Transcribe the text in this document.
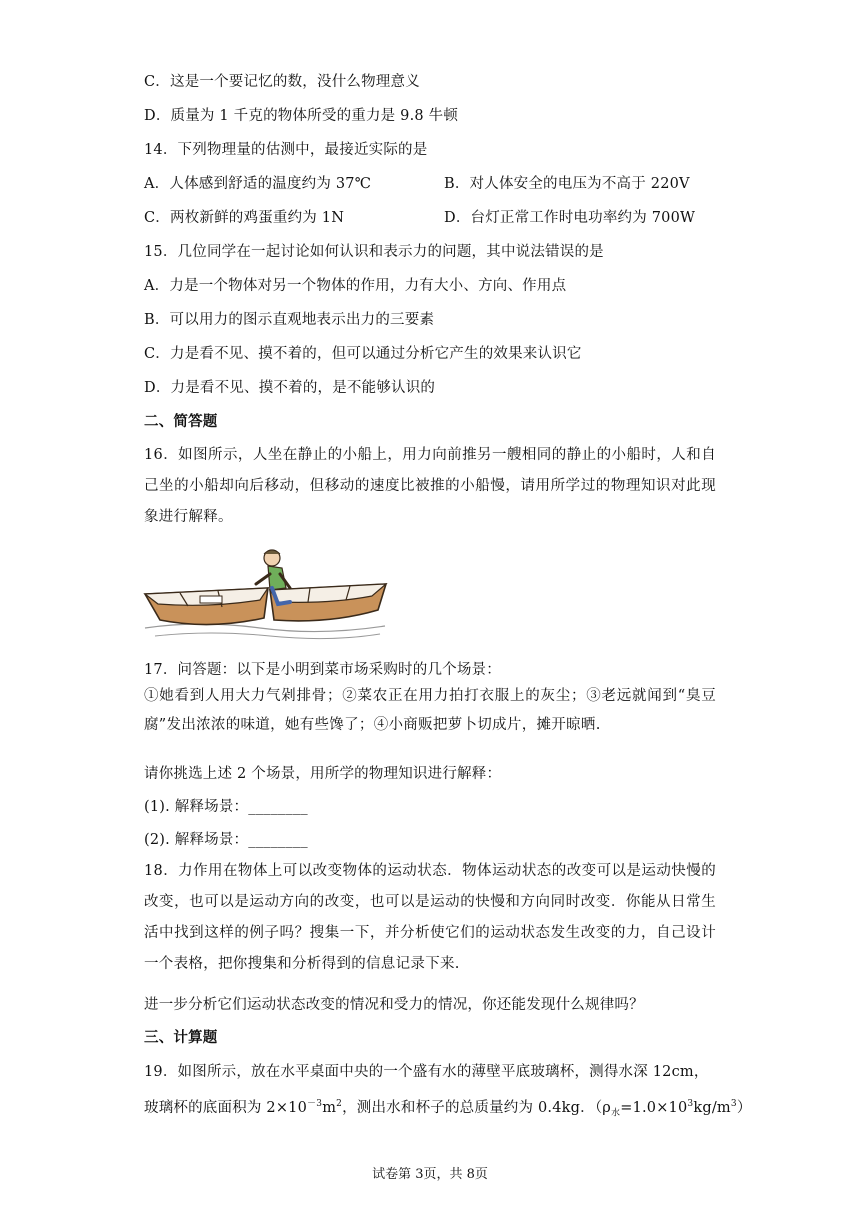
C．这是一个要记忆的数，没什么物理意义
D．质量为 1 千克的物体所受的重力是 9.8 牛顿
14．下列物理量的估测中，最接近实际的是
A．人体感到舒适的温度约为 37℃	B．对人体安全的电压为不高于 220V
C．两枚新鲜的鸡蛋重约为 1N	D．台灯正常工作时电功率约为 700W
15．几位同学在一起讨论如何认识和表示力的问题，其中说法错误的是
A．力是一个物体对另一个物体的作用，力有大小、方向、作用点
B．可以用力的图示直观地表示出力的三要素
C．力是看不见、摸不着的，但可以通过分析它产生的效果来认识它
D．力是看不见、摸不着的，是不能够认识的
二、简答题
16．如图所示，人坐在静止的小船上，用力向前推另一艘相同的静止的小船时，人和自己坐的小船却向后移动，但移动的速度比被推的小船慢，请用所学过的物理知识对此现象进行解释。
17．问答题：以下是小明到菜市场采购时的几个场景：
①她看到人用大力气剁排骨；②菜农正在用力拍打衣服上的灰尘；③老远就闻到“臭豆腐”发出浓浓的味道，她有些馋了；④小商贩把萝卜切成片，摊开晾晒.
请你挑选上述 2 个场景，用所学的物理知识进行解释：
(1). 解释场景：________
(2). 解释场景：________
18．力作用在物体上可以改变物体的运动状态．物体运动状态的改变可以是运动快慢的改变，也可以是运动方向的改变，也可以是运动的快慢和方向同时改变．你能从日常生活中找到这样的例子吗？搜集一下，并分析使它们的运动状态发生改变的力，自己设计一个表格，把你搜集和分析得到的信息记录下来.
进一步分析它们运动状态改变的情况和受力的情况，你还能发现什么规律吗？
三、计算题
19．如图所示，放在水平桌面中央的一个盛有水的薄壁平底玻璃杯，测得水深 12cm，
玻璃杯的底面积为 $2\times 10^{-3}m^2$，测出水和杯子的总质量约为 0.4kg．$(\rho_水=1.0\times 10^3kg/m^3)$
试卷第 3页，共 8页
